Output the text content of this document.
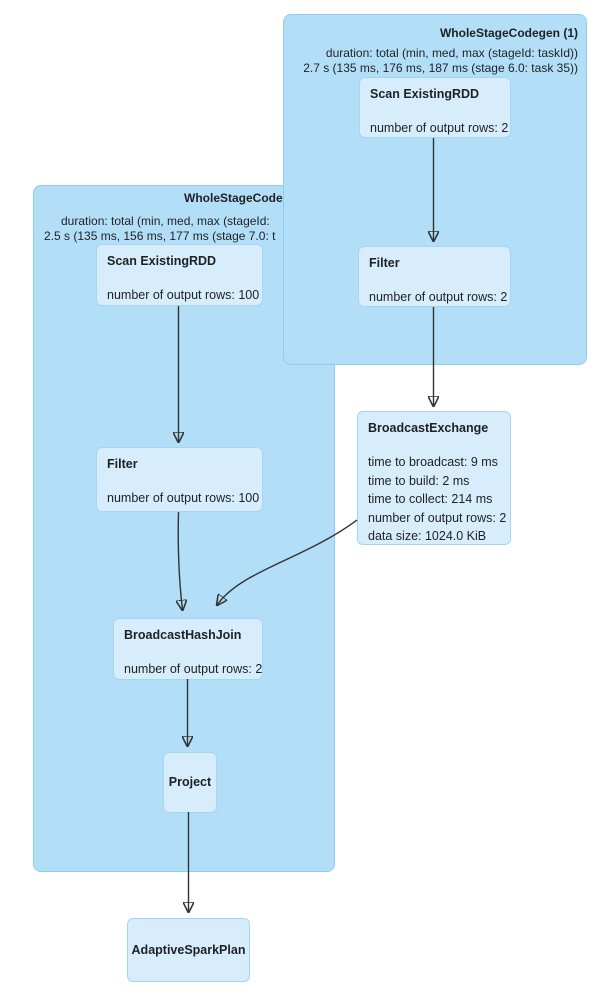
WholeStageCode
duration: total (min, med, max (stageId:
2.5 s (135 ms, 156 ms, 177 ms (stage 7.0: t
Scan ExistingRDD
number of output rows: 100
Filter
number of output rows: 100
BroadcastHashJoin
number of output rows: 2
Project
WholeStageCodegen (1)
duration: total (min, med, max (stageId: taskId))
2.7 s (135 ms, 176 ms, 187 ms (stage 6.0: task 35))
Scan ExistingRDD
number of output rows: 2
Filter
number of output rows: 2
BroadcastExchange
time to broadcast: 9 ms
time to build: 2 ms
time to collect: 214 ms
number of output rows: 2
data size: 1024.0 KiB
AdaptiveSparkPlan
